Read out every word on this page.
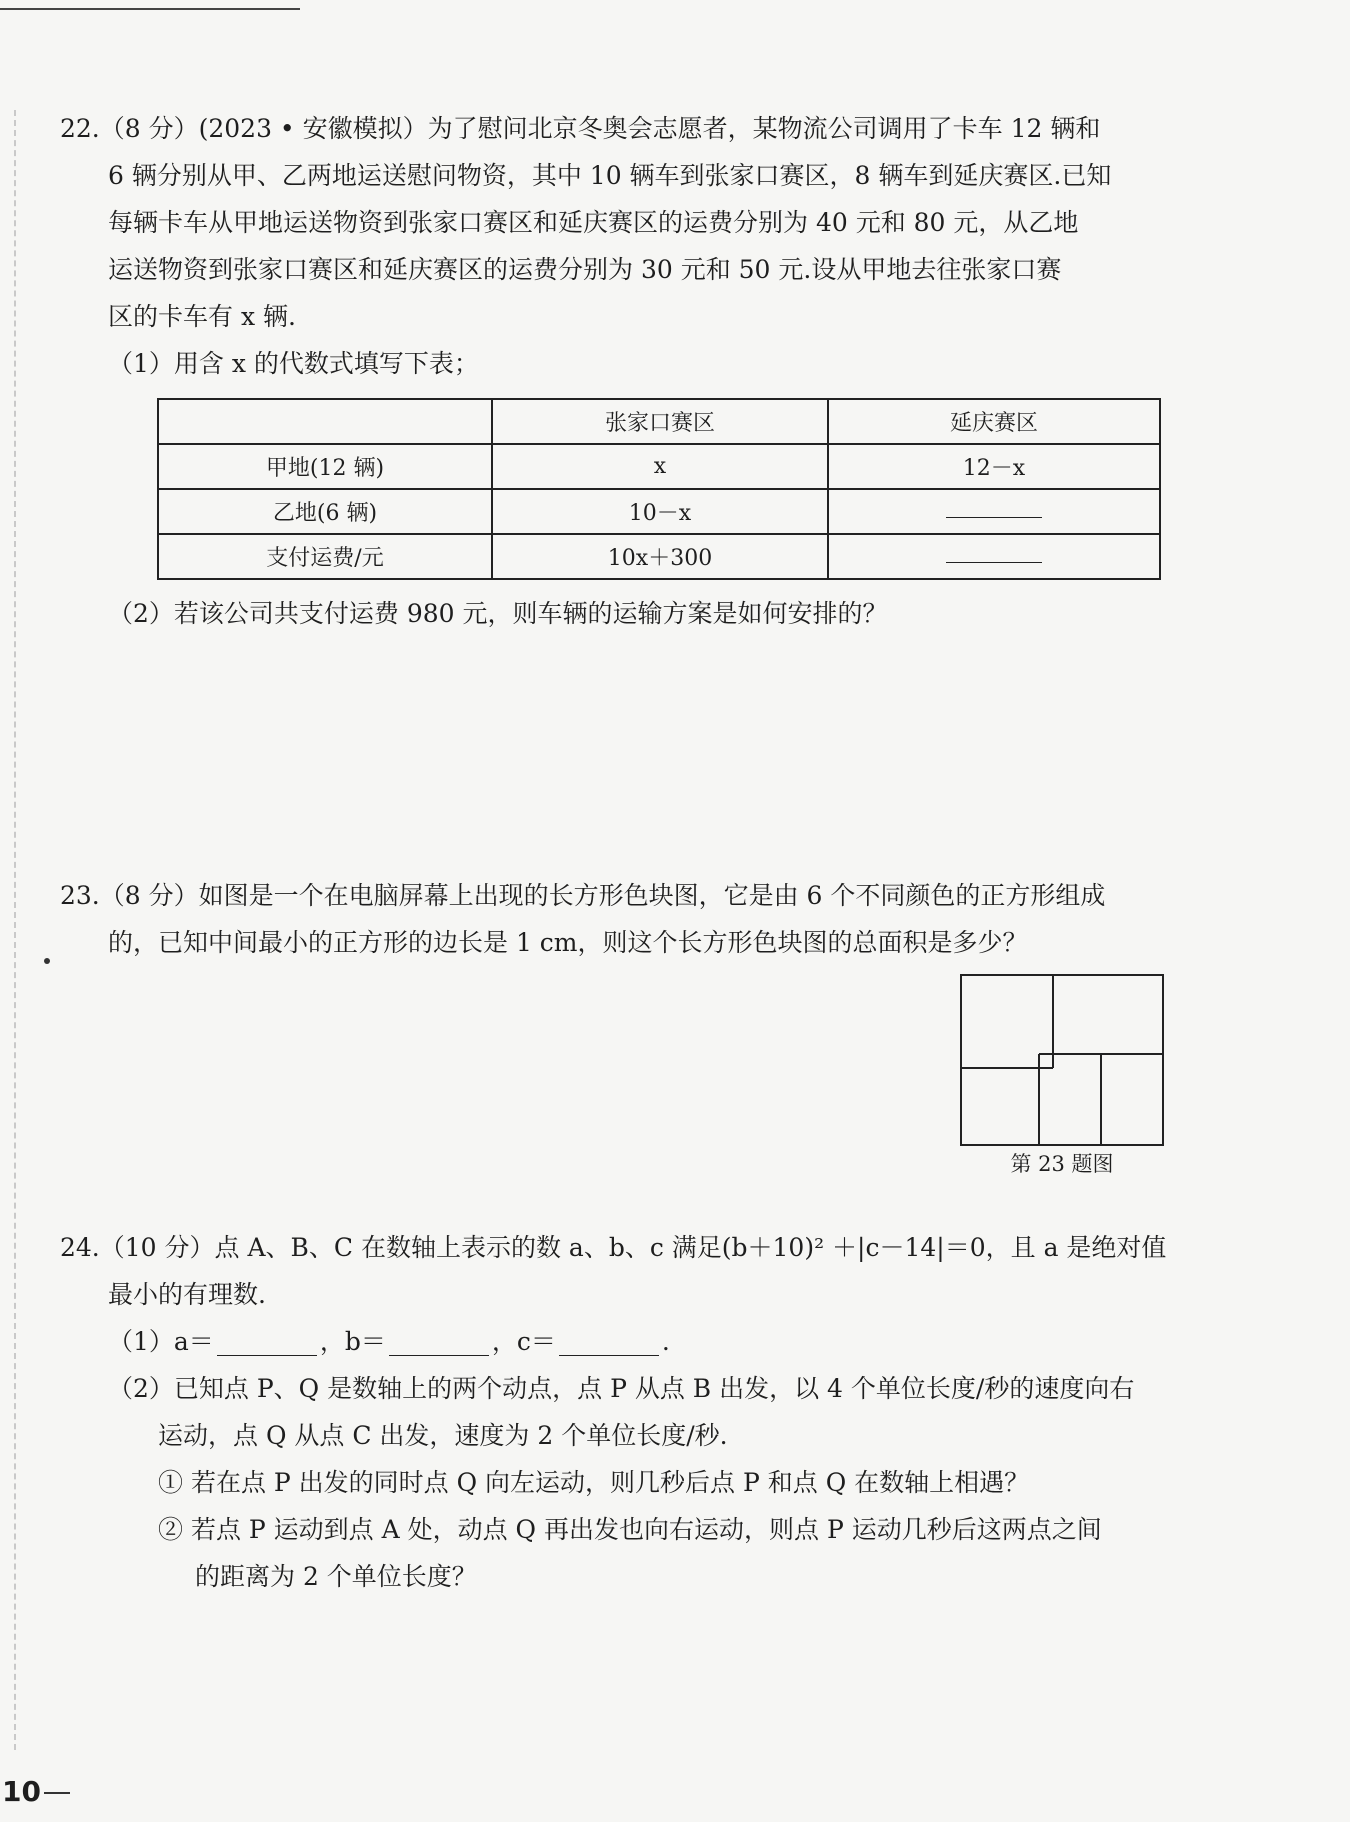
22.（8 分）(2023 • 安徽模拟）为了慰问北京冬奥会志愿者，某物流公司调用了卡车 12 辆和
6 辆分别从甲、乙两地运送慰问物资，其中 10 辆车到张家口赛区，8 辆车到延庆赛区.已知
每辆卡车从甲地运送物资到张家口赛区和延庆赛区的运费分别为 40 元和 80 元，从乙地
运送物资到张家口赛区和延庆赛区的运费分别为 30 元和 50 元.设从甲地去往张家口赛
区的卡车有 x 辆.
（1）用含 x 的代数式填写下表；
	张家口赛区	延庆赛区
甲地(12 辆)	x	12－x
乙地(6 辆)	10－x	
支付运费/元	10x＋300	
（2）若该公司共支付运费 980 元，则车辆的运输方案是如何安排的？
23.（8 分）如图是一个在电脑屏幕上出现的长方形色块图，它是由 6 个不同颜色的正方形组成
的，已知中间最小的正方形的边长是 1 cm，则这个长方形色块图的总面积是多少？
第 23 题图
24.（10 分）点 A、B、C 在数轴上表示的数 a、b、c 满足(b＋10)² ＋|c－14|＝0，且 a 是绝对值
最小的有理数.
（1）a＝	，b＝	，c＝	.
（2）已知点 P、Q 是数轴上的两个动点，点 P 从点 B 出发，以 4 个单位长度/秒的速度向右
运动，点 Q 从点 C 出发，速度为 2 个单位长度/秒.
① 若在点 P 出发的同时点 Q 向左运动，则几秒后点 P 和点 Q 在数轴上相遇？
② 若点 P 运动到点 A 处，动点 Q 再出发也向右运动，则点 P 运动几秒后这两点之间
的距离为 2 个单位长度？
10
